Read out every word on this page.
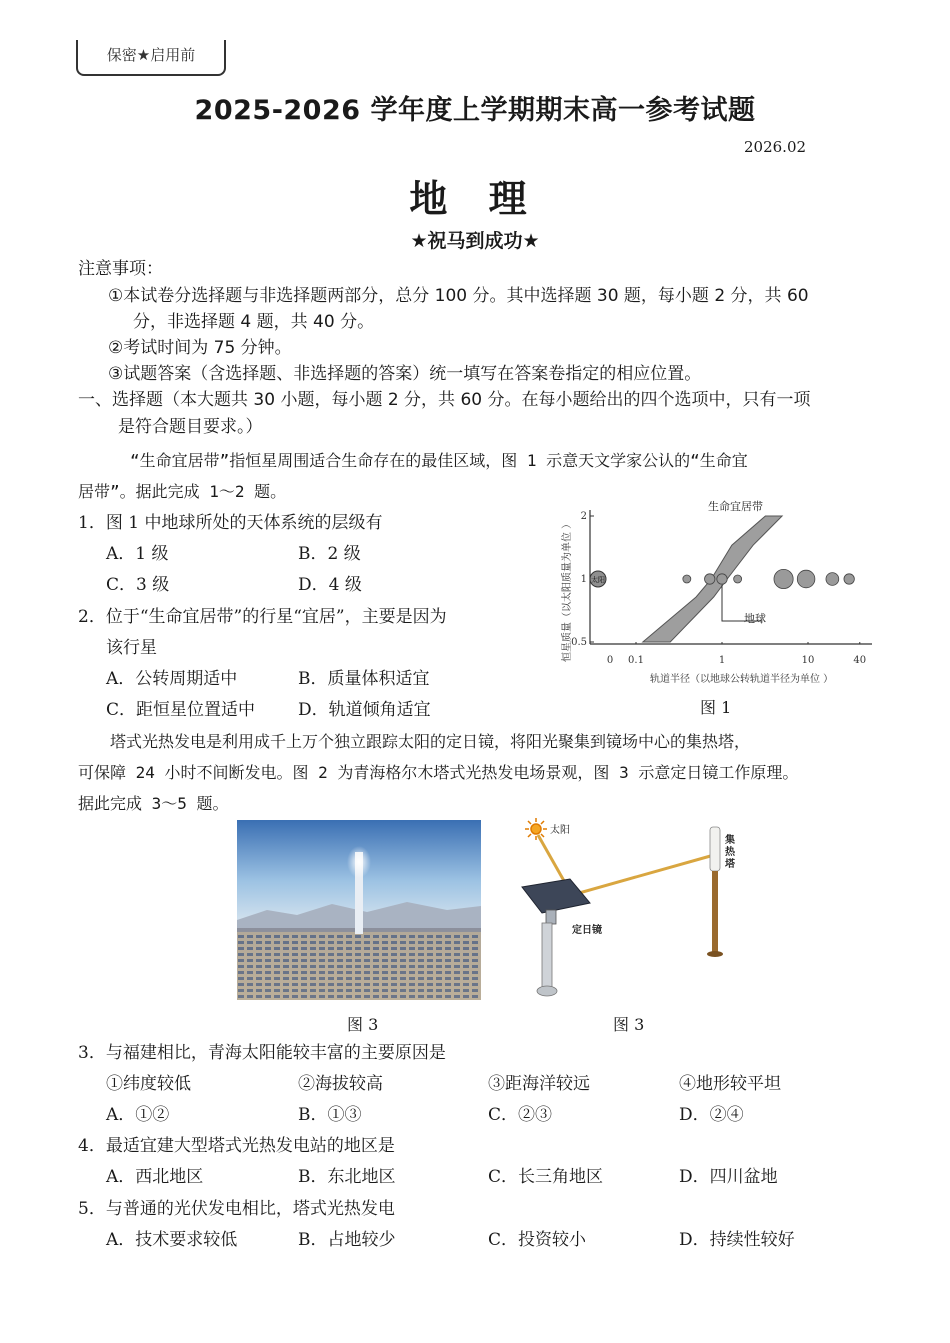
保密★启用前
2025-2026 学年度上学期期末高一参考试题
2026.02
地 理
★祝马到成功★
注意事项：
①本试卷分选择题与非选择题两部分，总分 100 分。其中选择题 30 题，每小题 2 分，共 60
分，非选择题 4 题，共 40 分。
②考试时间为 75 分钟。
③试题答案（含选择题、非选择题的答案）统一填写在答案卷指定的相应位置。
一、选择题（本大题共 30 小题，每小题 2 分，共 60 分。在每小题给出的四个选项中，只有一项
是符合题目要求。）
“生命宜居带”指恒星周围适合生命存在的最佳区域，图 1 示意天文学家公认的“生命宜
居带”。据此完成 1～2 题。
1．图 1 中地球所处的天体系统的层级有
A．1 级	B．2 级
C．3 级	D．4 级
2．位于“生命宜居带”的行星“宜居”，主要是因为
该行星
A．公转周期适中	B．质量体积适宜
C．距恒星位置适中	D．轨道倾角适宜
恒星质量（以太阳质量为单位 ）
轨道半径（以地球公转轨道半径为单位 ）
0 0.1	1	10	40
2
1
0.5
太阳
生命宜居带
地球
图 1
塔式光热发电是利用成千上万个独立跟踪太阳的定日镜，将阳光聚集到镜场中心的集热塔，
可保障 24 小时不间断发电。图 2 为青海格尔木塔式光热发电场景观，图 3 示意定日镜工作原理。
据此完成 3～5 题。
图 3
太阳
定日镜
集 热 塔
图 3
3．与福建相比，青海太阳能较丰富的主要原因是
①纬度较低	②海拔较高	③距海洋较远	④地形较平坦
A．①②	B．①③	C．②③	D．②④
4．最适宜建大型塔式光热发电站的地区是
A．西北地区	B．东北地区	C．长三角地区	D．四川盆地
5．与普通的光伏发电相比，塔式光热发电
A．技术要求较低	B．占地较少	C．投资较小	D．持续性较好
